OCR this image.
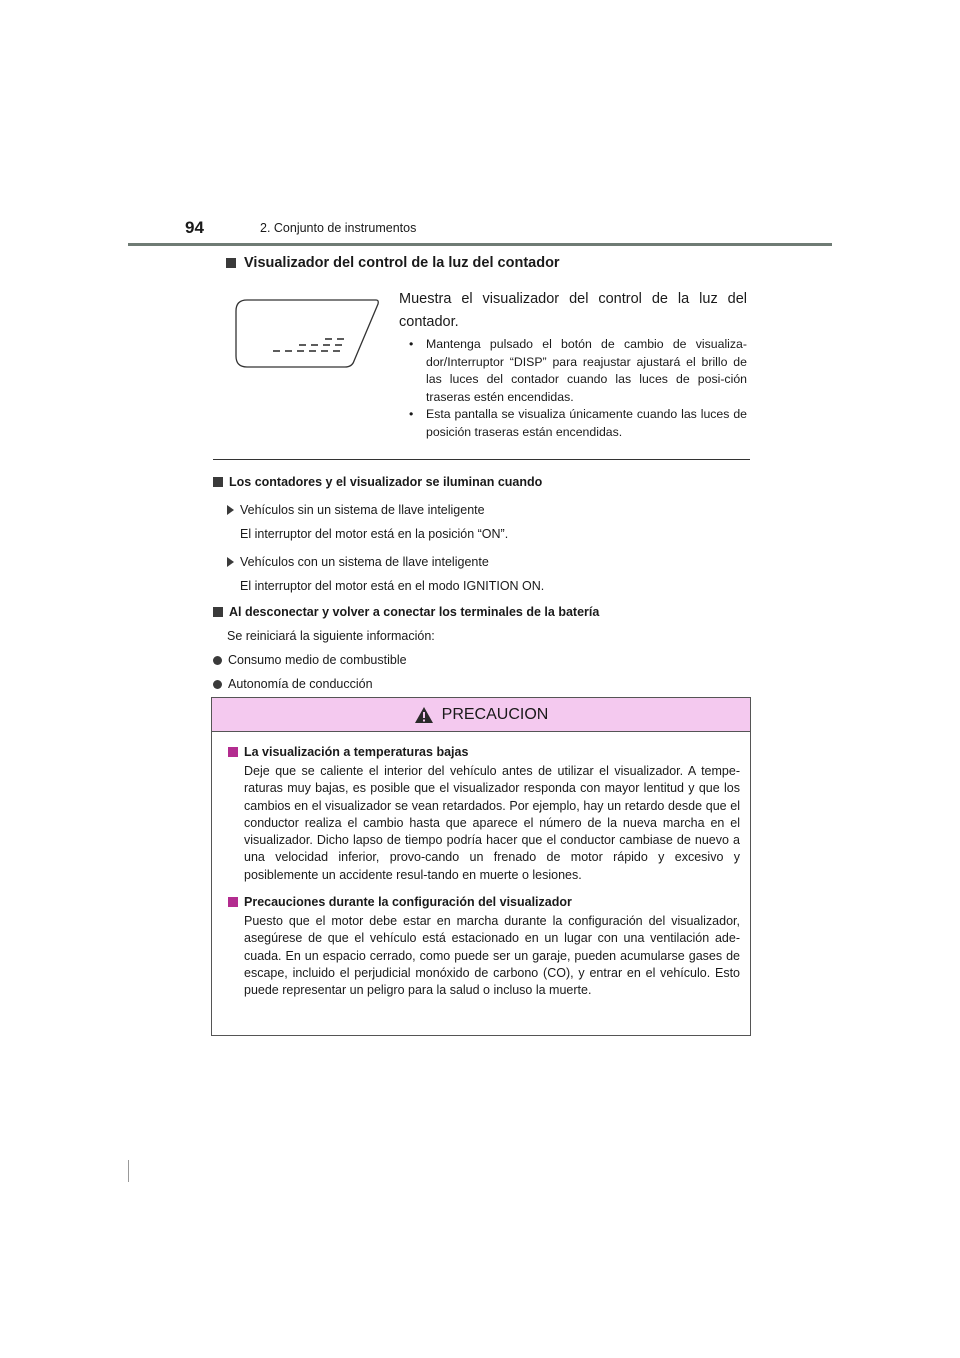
94	2. Conjunto de instrumentos
Visualizador del control de la luz del contador
Muestra el visualizador del control de la luz del contador.
• Mantenga pulsado el botón de cambio de visualiza-dor/Interruptor “DISP” para reajustar ajustará el brillo de las luces del contador cuando las luces de posi-ción traseras estén encendidas.
• Esta pantalla se visualiza únicamente cuando las luces de posición traseras están encendidas.
Los contadores y el visualizador se iluminan cuando
Vehículos sin un sistema de llave inteligente
El interruptor del motor está en la posición “ON”.
Vehículos con un sistema de llave inteligente
El interruptor del motor está en el modo IGNITION ON.
Al desconectar y volver a conectar los terminales de la batería
Se reiniciará la siguiente información:
Consumo medio de combustible
Autonomía de conducción
PRECAUCION
La visualización a temperaturas bajas
Deje que se caliente el interior del vehículo antes de utilizar el visualizador. A tempe-raturas muy bajas, es posible que el visualizador responda con mayor lentitud y que los cambios en el visualizador se vean retardados. Por ejemplo, hay un retardo desde que el conductor realiza el cambio hasta que aparece el número de la nueva marcha en el visualizador. Dicho lapso de tiempo podría hacer que el conductor cambiase de nuevo a una velocidad inferior, provo-cando un frenado de motor rápido y excesivo y posiblemente un accidente resul-tando en muerte o lesiones.
Precauciones durante la configuración del visualizador
Puesto que el motor debe estar en marcha durante la configuración del visualizador, asegúrese de que el vehículo está estacionado en un lugar con una ventilación ade-cuada. En un espacio cerrado, como puede ser un garaje, pueden acumularse gases de escape, incluido el perjudicial monóxido de carbono (CO), y entrar en el vehículo. Esto puede representar un peligro para la salud o incluso la muerte.
